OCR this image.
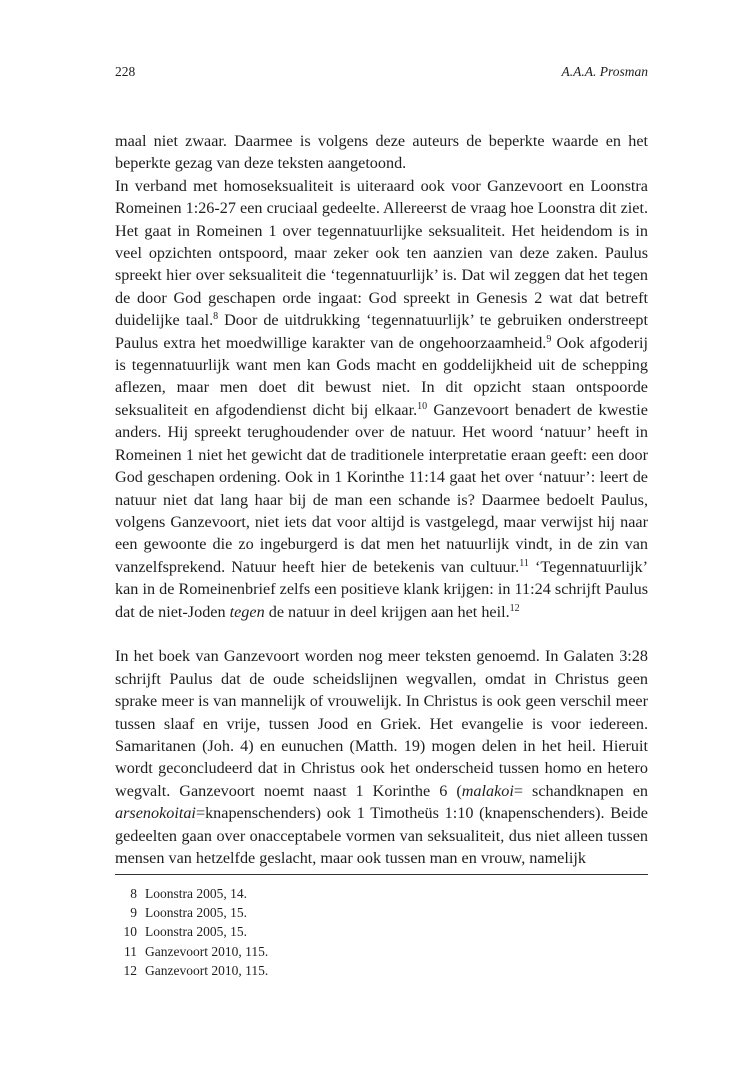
228	A.A.A. Prosman

maal niet zwaar. Daarmee is volgens deze auteurs de beperkte waarde en het beperkte gezag van deze teksten aangetoond.

In verband met homoseksualiteit is uiteraard ook voor Ganzevoort en Loonstra Romeinen 1:26-27 een cruciaal gedeelte. Allereerst de vraag hoe Loonstra dit ziet. Het gaat in Romeinen 1 over tegennatuurlijke seksualiteit. Het heidendom is in veel opzichten ontspoord, maar zeker ook ten aanzien van deze zaken. Paulus spreekt hier over seksualiteit die ‘tegennatuurlijk’ is. Dat wil zeggen dat het tegen de door God geschapen orde ingaat: God spreekt in Genesis 2 wat dat betreft duidelijke taal.$^8$ Door de uitdrukking ‘tegennatuurlijk’ te gebruiken onderstreept Paulus extra het moedwillige karakter van de ongehoorzaamheid.$^9$ Ook afgoderij is tegennatuurlijk want men kan Gods macht en goddelijkheid uit de schepping aflezen, maar men doet dit bewust niet. In dit opzicht staan ontspoorde seksualiteit en afgodendienst dicht bij elkaar.$^{10}$ Ganzevoort benadert de kwestie anders. Hij spreekt terughoudender over de natuur. Het woord ‘natuur’ heeft in Romeinen 1 niet het gewicht dat de traditionele interpretatie eraan geeft: een door God geschapen ordening. Ook in 1 Korinthe 11:14 gaat het over ‘natuur’: leert de natuur niet dat lang haar bij de man een schande is? Daarmee bedoelt Paulus, volgens Ganzevoort, niet iets dat voor altijd is vastgelegd, maar verwijst hij naar een gewoonte die zo ingeburgerd is dat men het natuurlijk vindt, in de zin van vanzelfsprekend. Natuur heeft hier de betekenis van cultuur.$^{11}$ ‘Tegennatuurlijk’ kan in de Romeinenbrief zelfs een positieve klank krijgen: in 11:24 schrijft Paulus dat de niet-Joden tegen de natuur in deel krijgen aan het heil.$^{12}$

In het boek van Ganzevoort worden nog meer teksten genoemd. In Galaten 3:28 schrijft Paulus dat de oude scheidslijnen wegvallen, omdat in Christus geen sprake meer is van mannelijk of vrouwelijk. In Christus is ook geen verschil meer tussen slaaf en vrije, tussen Jood en Griek. Het evangelie is voor iedereen. Samaritanen (Joh. 4) en eunuchen (Matth. 19) mogen delen in het heil. Hieruit wordt geconcludeerd dat in Christus ook het onderscheid tussen homo en hetero wegvalt. Ganzevoort noemt naast 1 Korinthe 6 (malakoi= schandknapen en arsenokoitai=knapenschenders) ook 1 Timotheüs 1:10 (knapenschenders). Beide gedeelten gaan over onacceptabele vormen van seksualiteit, dus niet alleen tussen mensen van hetzelfde geslacht, maar ook tussen man en vrouw, namelijk

8 Loonstra 2005, 14.
9 Loonstra 2005, 15.
10 Loonstra 2005, 15.
11 Ganzevoort 2010, 115.
12 Ganzevoort 2010, 115.
